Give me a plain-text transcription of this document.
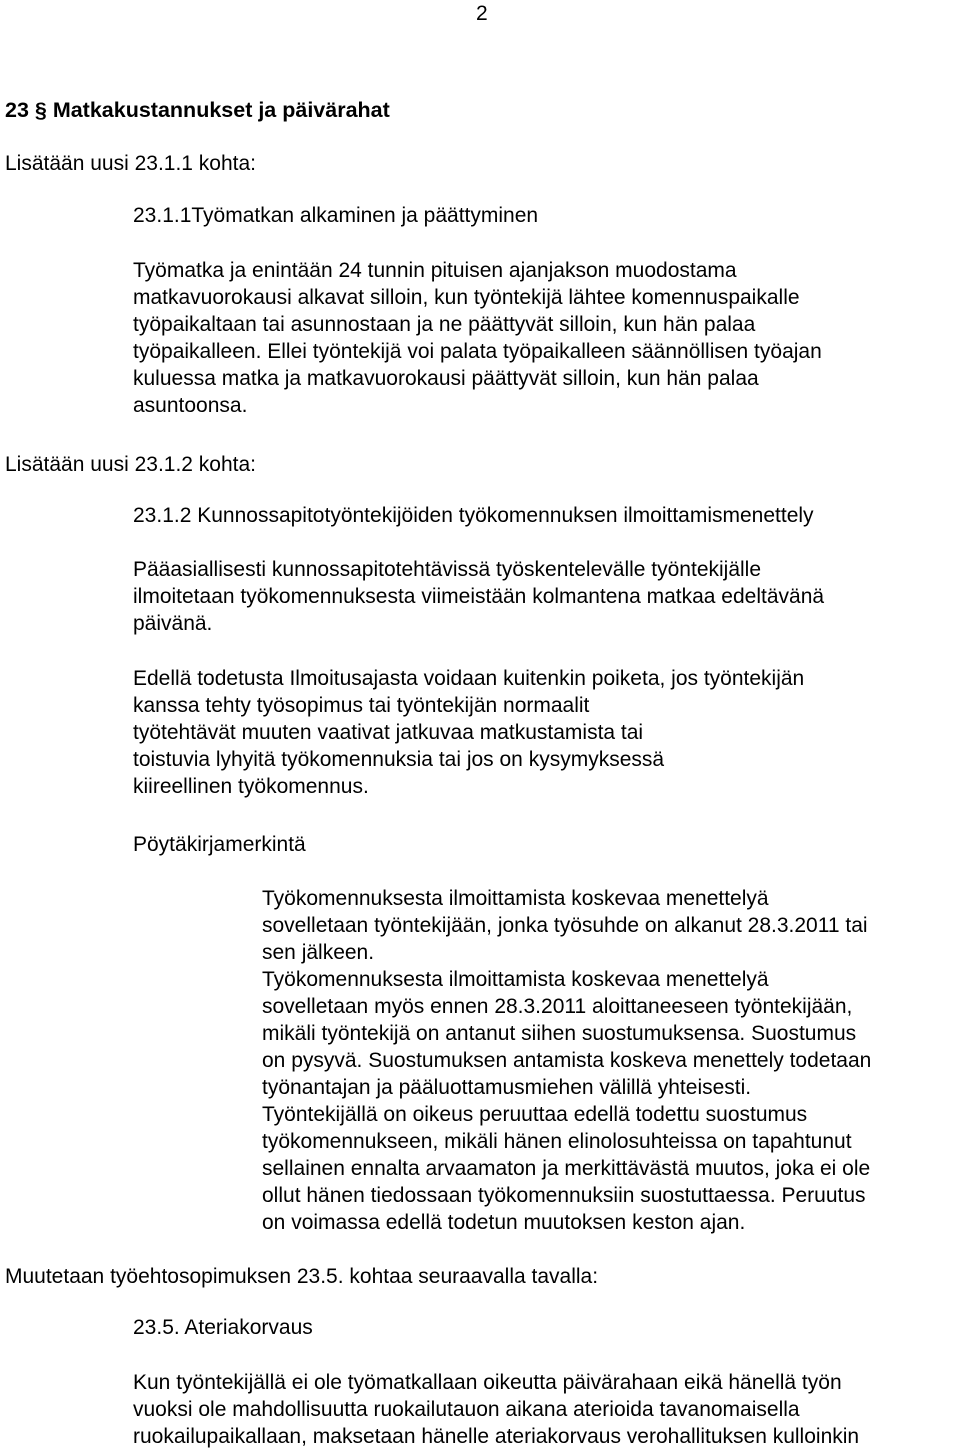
2
23 § Matkakustannukset ja päivärahat
Lisätään uusi 23.1.1 kohta:
23.1.1Työmatkan alkaminen ja päättyminen
Työmatka ja enintään 24 tunnin pituisen ajanjakson muodostama
matkavuorokausi alkavat silloin, kun työntekijä lähtee komennuspaikalle
työpaikaltaan tai asunnostaan ja ne päättyvät silloin, kun hän palaa
työpaikalleen. Ellei työntekijä voi palata työpaikalleen säännöllisen työajan
kuluessa matka ja matkavuorokausi päättyvät silloin, kun hän palaa
asuntoonsa.
Lisätään uusi 23.1.2 kohta:
23.1.2 Kunnossapitotyöntekijöiden työkomennuksen ilmoittamismenettely
Pääasiallisesti kunnossapitotehtävissä työskentelevälle työntekijälle
ilmoitetaan työkomennuksesta viimeistään kolmantena matkaa edeltävänä
päivänä.
Edellä todetusta Ilmoitusajasta voidaan kuitenkin poiketa, jos työntekijän
kanssa tehty työsopimus tai työntekijän normaalit
työtehtävät muuten vaativat jatkuvaa matkustamista tai
toistuvia lyhyitä työkomennuksia tai jos on kysymyksessä
kiireellinen työkomennus.
Pöytäkirjamerkintä
Työkomennuksesta ilmoittamista koskevaa menettelyä
sovelletaan työntekijään, jonka työsuhde on alkanut 28.3.2011 tai
sen jälkeen.
Työkomennuksesta ilmoittamista koskevaa menettelyä
sovelletaan myös ennen 28.3.2011 aloittaneeseen työntekijään,
mikäli työntekijä on antanut siihen suostumuksensa. Suostumus
on pysyvä. Suostumuksen antamista koskeva menettely todetaan
työnantajan ja pääluottamusmiehen välillä yhteisesti.
Työntekijällä on oikeus peruuttaa edellä todettu suostumus
työkomennukseen, mikäli hänen elinolosuhteissa on tapahtunut
sellainen ennalta arvaamaton ja merkittävästä muutos, joka ei ole
ollut hänen tiedossaan työkomennuksiin suostuttaessa. Peruutus
on voimassa edellä todetun muutoksen keston ajan.
Muutetaan työehtosopimuksen 23.5. kohtaa seuraavalla tavalla:
23.5. Ateriakorvaus
Kun työntekijällä ei ole työmatkallaan oikeutta päivärahaan eikä hänellä työn
vuoksi ole mahdollisuutta ruokailutauon aikana aterioida tavanomaisella
ruokailupaikallaan, maksetaan hänelle ateriakorvaus verohallituksen kulloinkin
